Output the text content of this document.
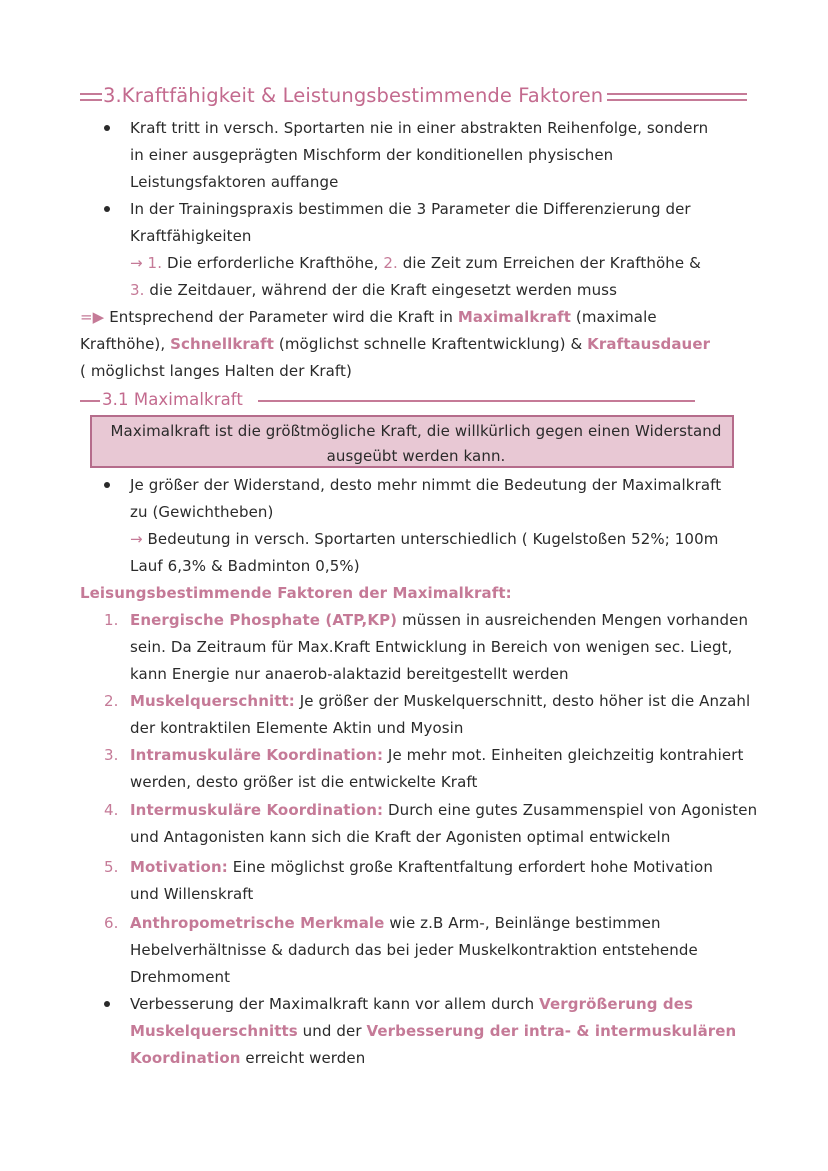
3.Kraftfähigkeit & Leistungsbestimmende Faktoren
Kraft tritt in versch. Sportarten nie in einer abstrakten Reihenfolge, sondern
in einer ausgeprägten Mischform der konditionellen physischen
Leistungsfaktoren auffange
In der Trainingspraxis bestimmen die 3 Parameter die Differenzierung der
Kraftfähigkeiten
→ 1. Die erforderliche Krafthöhe, 2. die Zeit zum Erreichen der Krafthöhe &
3. die Zeitdauer, während der die Kraft eingesetzt werden muss
=▶ Entsprechend der Parameter wird die Kraft in Maximalkraft (maximale
Krafthöhe), Schnellkraft (möglichst schnelle Kraftentwicklung) & Kraftausdauer
( möglichst langes Halten der Kraft)
3.1 Maximalkraft
Maximalkraft ist die größtmögliche Kraft, die willkürlich gegen einen Widerstand
ausgeübt werden kann.
Je größer der Widerstand, desto mehr nimmt die Bedeutung der Maximalkraft
zu (Gewichtheben)
→ Bedeutung in versch. Sportarten unterschiedlich ( Kugelstoßen 52%; 100m
Lauf 6,3% & Badminton 0,5%)
Leisungsbestimmende Faktoren der Maximalkraft:
1. Energische Phosphate (ATP,KP) müssen in ausreichenden Mengen vorhanden
sein. Da Zeitraum für Max.Kraft Entwicklung in Bereich von wenigen sec. Liegt,
kann Energie nur anaerob-alaktazid bereitgestellt werden
2. Muskelquerschnitt: Je größer der Muskelquerschnitt, desto höher ist die Anzahl
der kontraktilen Elemente Aktin und Myosin
3. Intramuskuläre Koordination: Je mehr mot. Einheiten gleichzeitig kontrahiert
werden, desto größer ist die entwickelte Kraft
4. Intermuskuläre Koordination: Durch eine gutes Zusammenspiel von Agonisten
und Antagonisten kann sich die Kraft der Agonisten optimal entwickeln
5. Motivation: Eine möglichst große Kraftentfaltung erfordert hohe Motivation
und Willenskraft
6. Anthropometrische Merkmale wie z.B Arm-, Beinlänge bestimmen
Hebelverhältnisse & dadurch das bei jeder Muskelkontraktion entstehende
Drehmoment
Verbesserung der Maximalkraft kann vor allem durch Vergrößerung des
Muskelquerschnitts und der Verbesserung der intra- & intermuskulären
Koordination erreicht werden
